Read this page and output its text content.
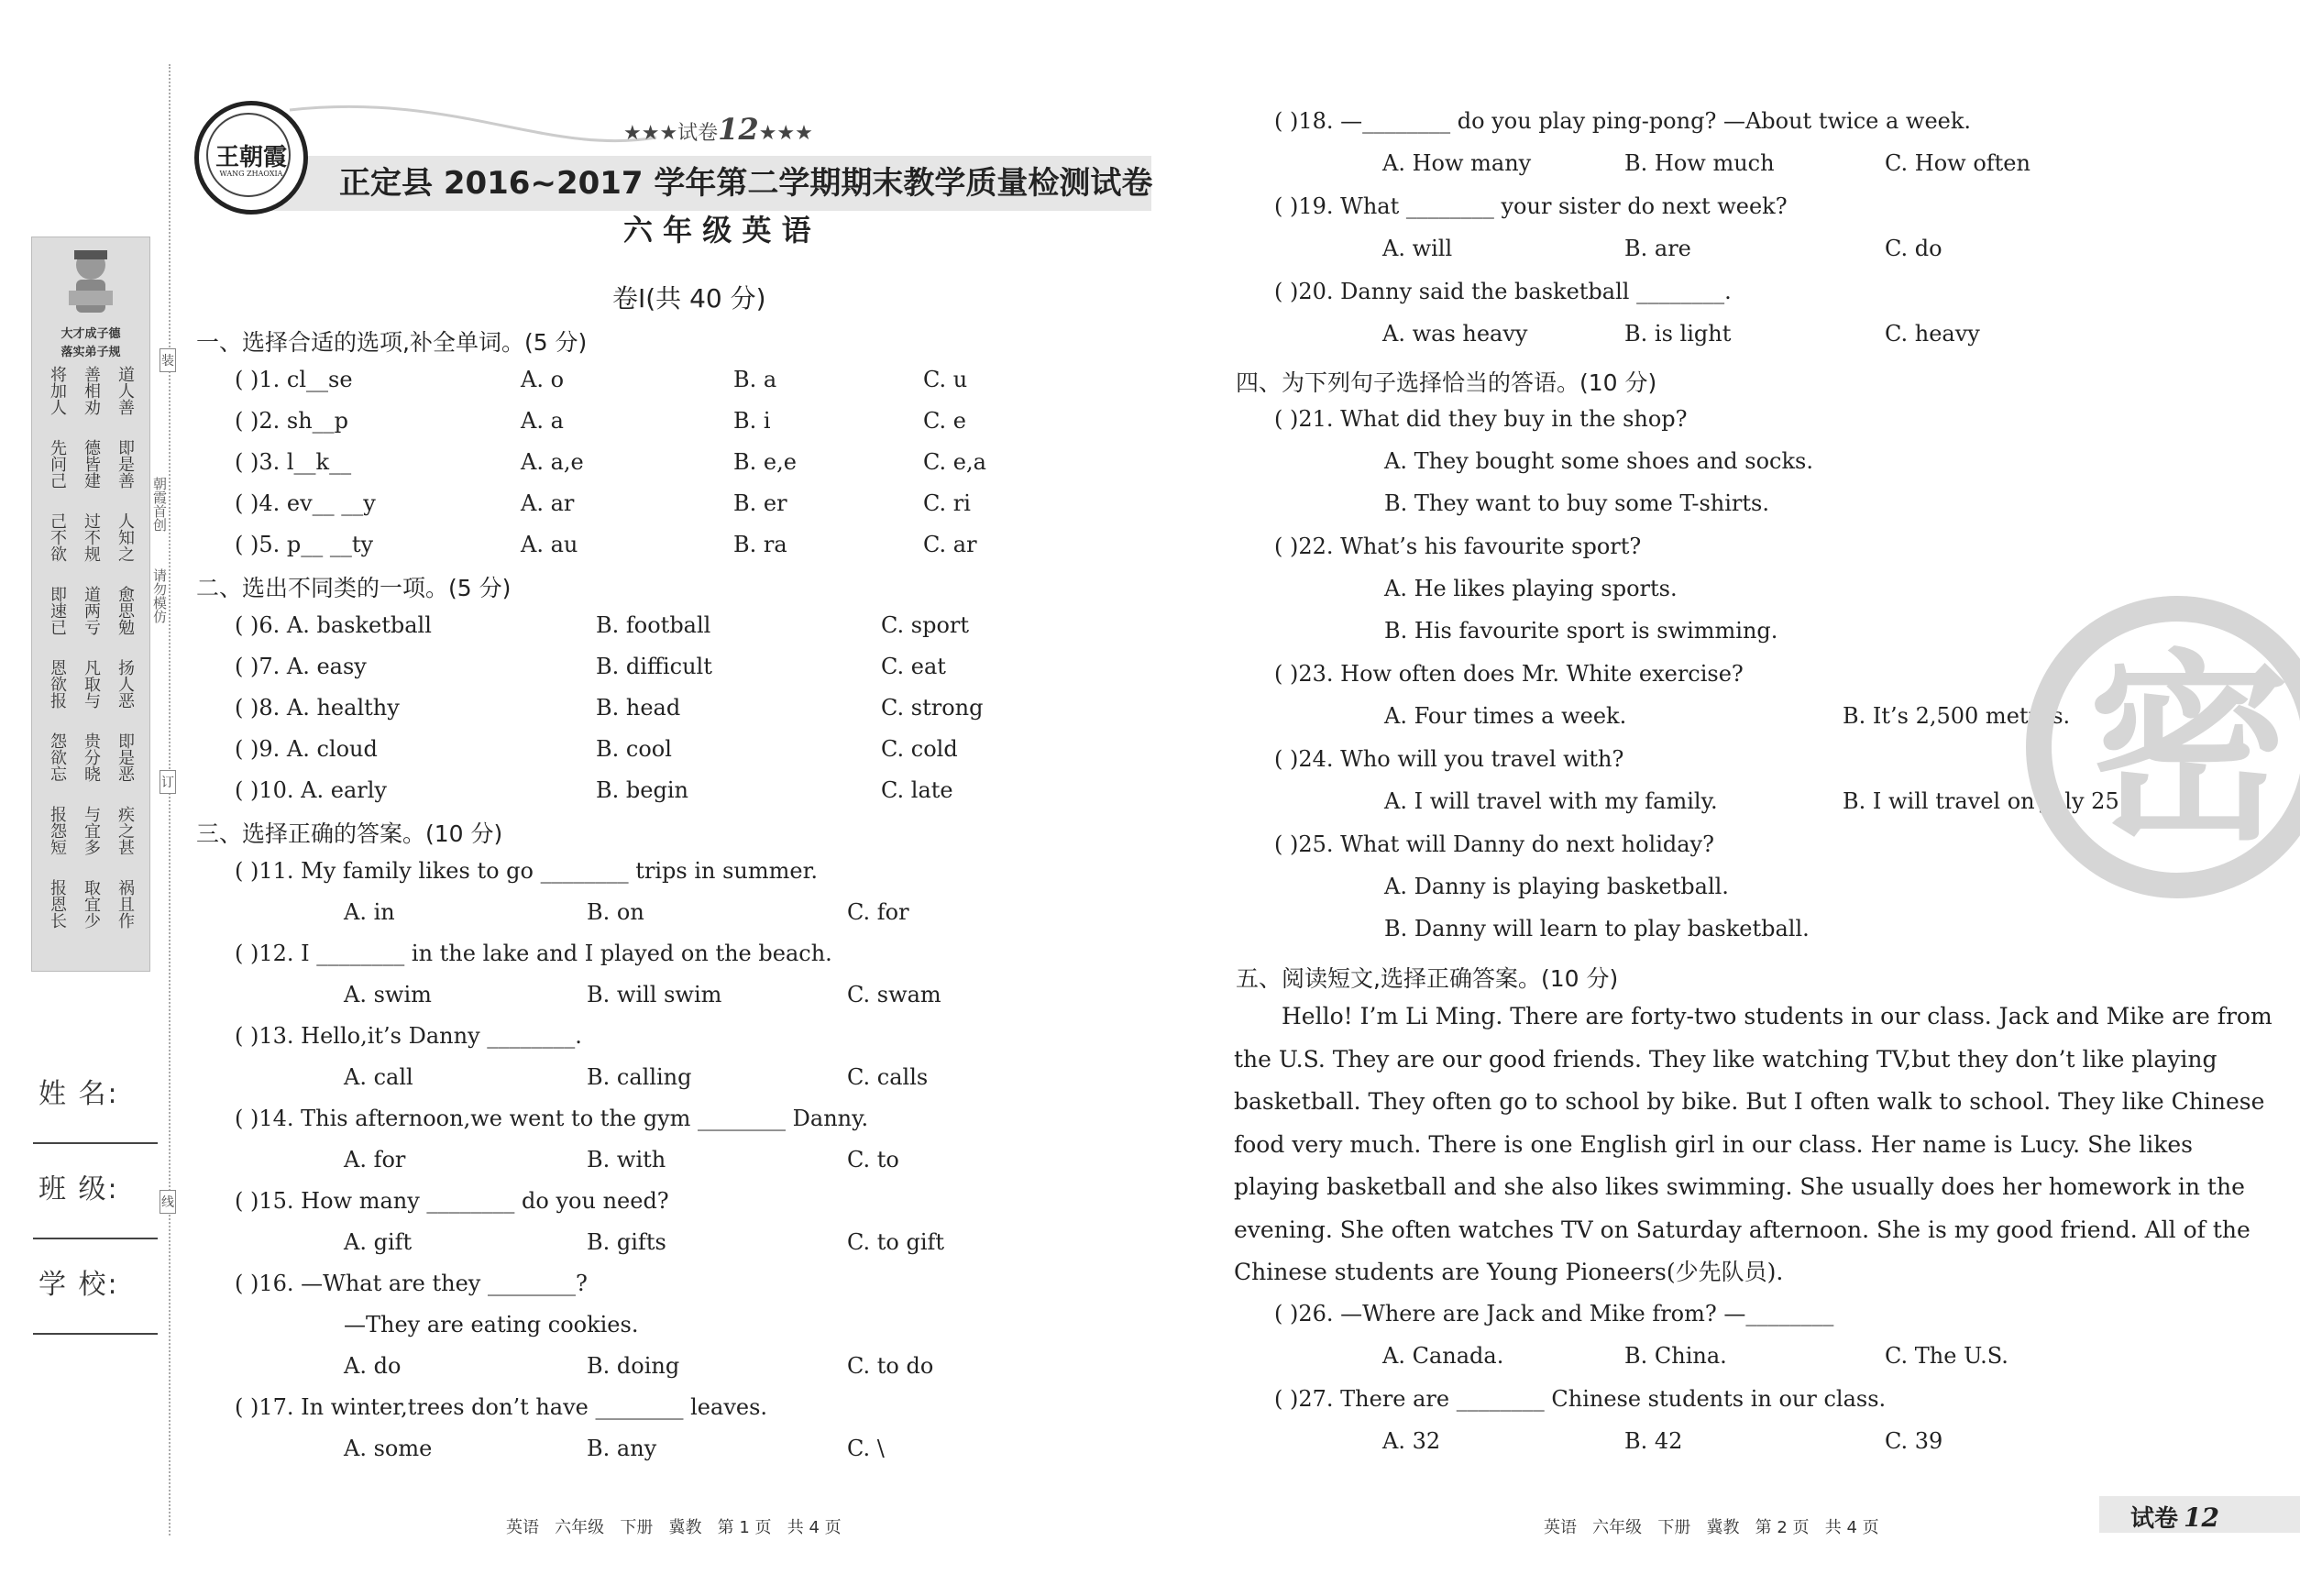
大才成子德
落实弟子规
将加人 善相劝 道人善
先问己 德皆建 即是善
己不欲 过不规 人知之
即速已 道两亏 愈思勉
恩欲报 凡取与 扬人恶
怨欲忘 贵分晓 即是恶
报怨短 与宜多 疾之甚
报恩长 取宜少 祸且作
姓 名:
班 级:
学 校:
装
订
线
朝霞首创
请勿模仿
王朝霞
WANG ZHAOXIA
★★★试卷12★★★
正定县 2016~2017 学年第二学期期末教学质量检测试卷
六 年 级 英 语
卷Ⅰ(共 40 分)
一、选择合适的选项,补全单词。(5 分)
( )1. cl__se	A. o	B. a	C. u
( )2. sh__p	A. a	B. i	C. e
( )3. l__k__	A. a,e	B. e,e	C. e,a
( )4. ev__ __y	A. ar	B. er	C. ri
( )5. p__ __ty	A. au	B. ra	C. ar
二、选出不同类的一项。(5 分)
( )6. A. basketball	B. football	C. sport
( )7. A. easy	B. difficult	C. eat
( )8. A. healthy	B. head	C. strong
( )9. A. cloud	B. cool	C. cold
( )10. A. early	B. begin	C. late
三、选择正确的答案。(10 分)
( )11. My family likes to go ________ trips in summer.
A. in	B. on	C. for
( )12. I ________ in the lake and I played on the beach.
A. swim	B. will swim	C. swam
( )13. Hello,it’s Danny ________.
A. call	B. calling	C. calls
( )14. This afternoon,we went to the gym ________ Danny.
A. for	B. with	C. to
( )15. How many ________ do you need?
A. gift	B. gifts	C. to gift
( )16. —What are they ________?
—They are eating cookies.
A. do	B. doing	C. to do
( )17. In winter,trees don’t have ________ leaves.
A. some	B. any	C. \
( )18. —________ do you play ping-pong? —About twice a week.
A. How many	B. How much	C. How often
( )19. What ________ your sister do next week?
A. will	B. are	C. do
( )20. Danny said the basketball ________.
A. was heavy	B. is light	C. heavy
英语   六年级   下册   冀教   第 1 页   共 4 页
四、为下列句子选择恰当的答语。(10 分)
( )21. What did they buy in the shop?
A. They bought some shoes and socks.
B. They want to buy some T-shirts.
( )22. What’s his favourite sport?
A. He likes playing sports.
B. His favourite sport is swimming.
( )23. How often does Mr. White exercise?
A. Four times a week.	B. It’s 2,500 metres.
( )24. Who will you travel with?
A. I will travel with my family.	B. I will travel on July 25.
( )25. What will Danny do next holiday?
A. Danny is playing basketball.
B. Danny will learn to play basketball.
五、阅读短文,选择正确答案。(10 分)
Hello! I’m Li Ming. There are forty-two students in our class. Jack and Mike are from
the U.S. They are our good friends. They like watching TV,but they don’t like playing
basketball. They often go to school by bike. But I often walk to school. They like Chinese
food very much. There is one English girl in our class. Her name is Lucy. She likes
playing basketball and she also likes swimming. She usually does her homework in the
evening. She often watches TV on Saturday afternoon. She is my good friend. All of the
Chinese students are Young Pioneers(少先队员).
( )26. —Where are Jack and Mike from? —________
A. Canada.	B. China.	C. The U.S.
( )27. There are ________ Chinese students in our class.
A. 32	B. 42	C. 39
英语   六年级   下册   冀教   第 2 页   共 4 页	试卷 12
密
